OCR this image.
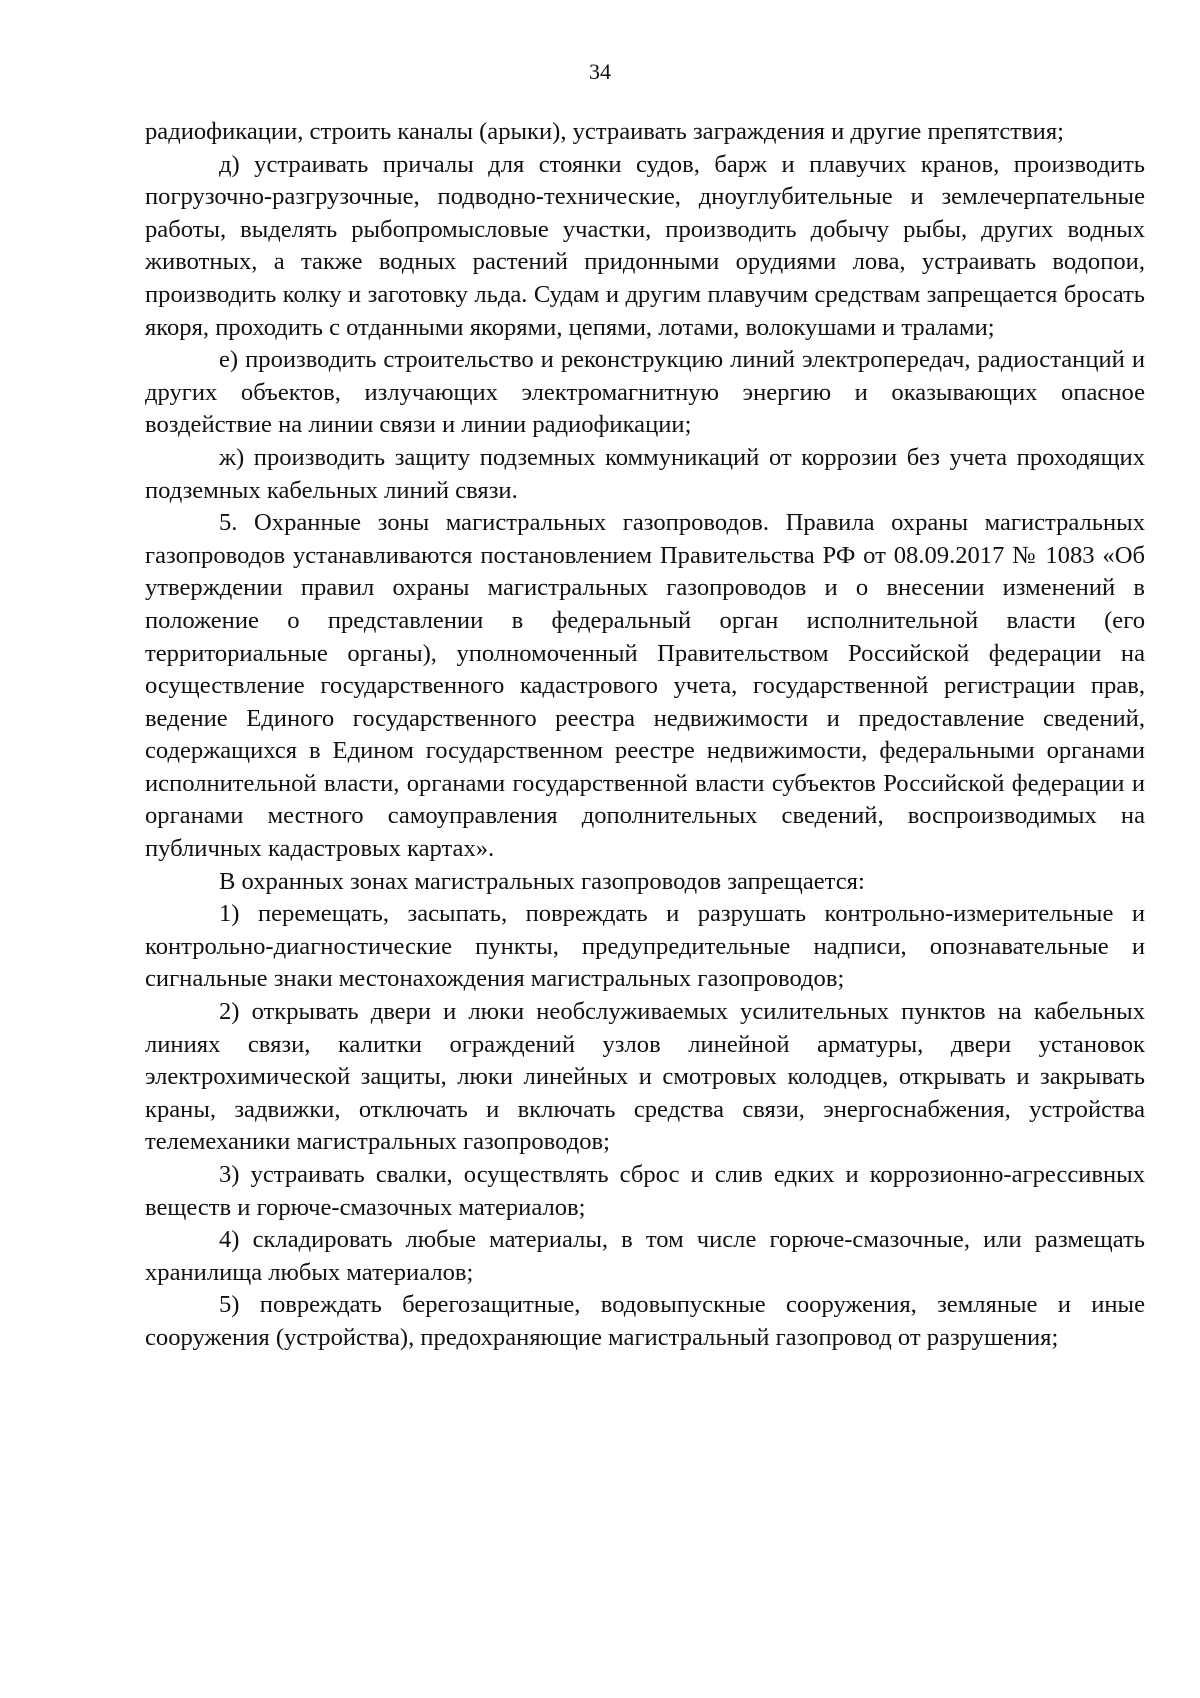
34

радиофикации, строить каналы (арыки), устраивать заграждения и другие препятствия;

д) устраивать причалы для стоянки судов, барж и плавучих кранов, производить погрузочно-разгрузочные, подводно-технические, дноуглубительные и землечерпательные работы, выделять рыбопромысловые участки, производить добычу рыбы, других водных животных, а также водных растений придонными орудиями лова, устраивать водопои, производить колку и заготовку льда. Судам и другим плавучим средствам запрещается бросать якоря, проходить с отданными якорями, цепями, лотами, волокушами и тралами;

е) производить строительство и реконструкцию линий электропередач, радиостанций и других объектов, излучающих электромагнитную энергию и оказывающих опасное воздействие на линии связи и линии радиофикации;

ж) производить защиту подземных коммуникаций от коррозии без учета проходящих подземных кабельных линий связи.

5. Охранные зоны магистральных газопроводов. Правила охраны магистральных газопроводов устанавливаются постановлением Правительства РФ от 08.09.2017 № 1083 «Об утверждении правил охраны магистральных газопроводов и о внесении изменений в положение о представлении в федеральный орган исполнительной власти (его территориальные органы), уполномоченный Правительством Российской федерации на осуществление государственного кадастрового учета, государственной регистрации прав, ведение Единого государственного реестра недвижимости и предоставление сведений, содержащихся в Едином государственном реестре недвижимости, федеральными органами исполнительной власти, органами государственной власти субъектов Российской федерации и органами местного самоуправления дополнительных сведений, воспроизводимых на публичных кадастровых картах».

В охранных зонах магистральных газопроводов запрещается:

1) перемещать, засыпать, повреждать и разрушать контрольно-измерительные и контрольно-диагностические пункты, предупредительные надписи, опознавательные и сигнальные знаки местонахождения магистральных газопроводов;

2) открывать двери и люки необслуживаемых усилительных пунктов на кабельных линиях связи, калитки ограждений узлов линейной арматуры, двери установок электрохимической защиты, люки линейных и смотровых колодцев, открывать и закрывать краны, задвижки, отключать и включать средства связи, энергоснабжения, устройства телемеханики магистральных газопроводов;

3) устраивать свалки, осуществлять сброс и слив едких и коррозионно-агрессивных веществ и горюче-смазочных материалов;

4) складировать любые материалы, в том числе горюче-смазочные, или размещать хранилища любых материалов;

5) повреждать берегозащитные, водовыпускные сооружения, земляные и иные сооружения (устройства), предохраняющие магистральный газопровод от разрушения;
